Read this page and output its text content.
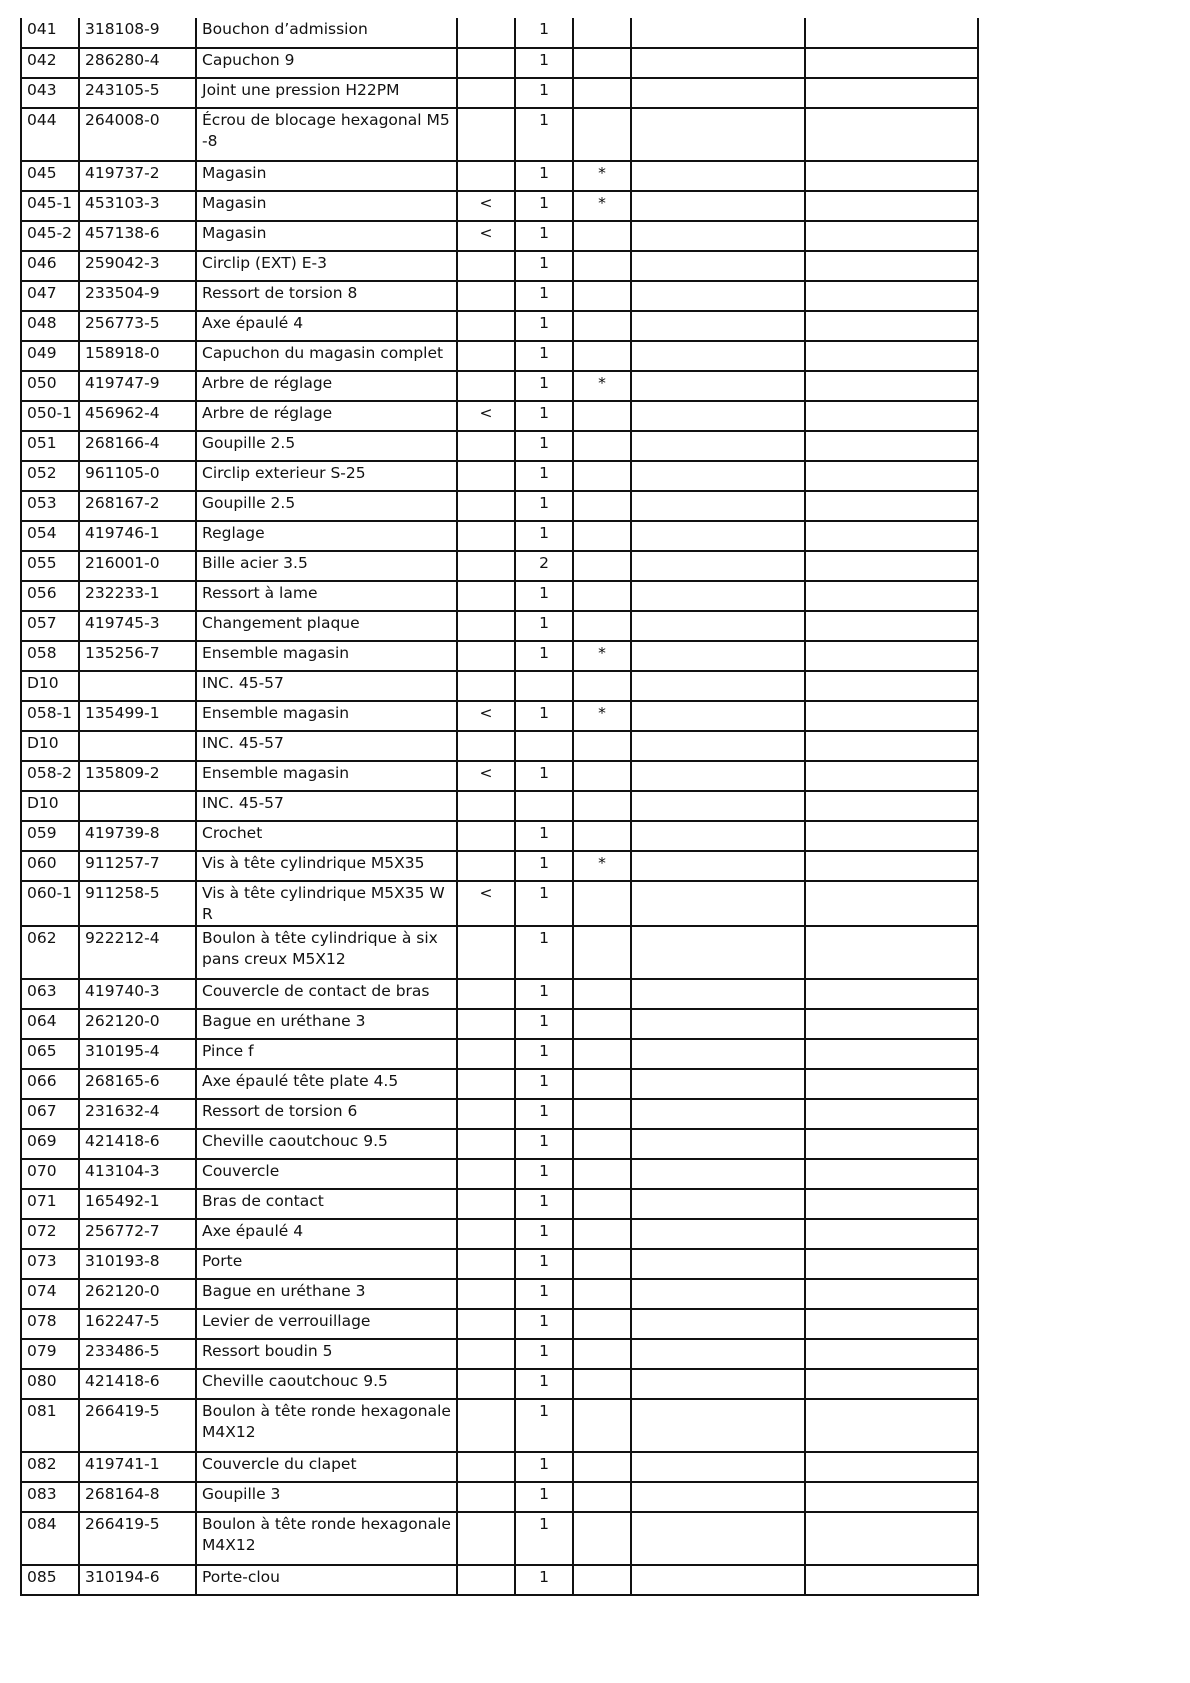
041	318108-9	Bouchon d’admission		1			
042	286280-4	Capuchon 9		1			
043	243105-5	Joint une pression H22PM		1			
044	264008-0	Écrou de blocage hexagonal M5-8		1			
045	419737-2	Magasin		1	*		
045-1	453103-3	Magasin	<	1	*		
045-2	457138-6	Magasin	<	1			
046	259042-3	Circlip (EXT) E-3		1			
047	233504-9	Ressort de torsion 8		1			
048	256773-5	Axe épaulé 4		1			
049	158918-0	Capuchon du magasin complet		1			
050	419747-9	Arbre de réglage		1	*		
050-1	456962-4	Arbre de réglage	<	1			
051	268166-4	Goupille 2.5		1			
052	961105-0	Circlip exterieur S-25		1			
053	268167-2	Goupille 2.5		1			
054	419746-1	Reglage		1			
055	216001-0	Bille acier 3.5		2			
056	232233-1	Ressort à lame		1			
057	419745-3	Changement plaque		1			
058	135256-7	Ensemble magasin		1	*		
D10		INC. 45-57					
058-1	135499-1	Ensemble magasin	<	1	*		
D10		INC. 45-57					
058-2	135809-2	Ensemble magasin	<	1			
D10		INC. 45-57					
059	419739-8	Crochet		1			
060	911257-7	Vis à tête cylindrique M5X35		1	*		
060-1	911258-5	Vis à tête cylindrique M5X35 WR	<	1			
062	922212-4	Boulon à tête cylindrique à six pans creux M5X12		1			
063	419740-3	Couvercle de contact de bras		1			
064	262120-0	Bague en uréthane 3		1			
065	310195-4	Pince f		1			
066	268165-6	Axe épaulé tête plate 4.5		1			
067	231632-4	Ressort de torsion 6		1			
069	421418-6	Cheville caoutchouc 9.5		1			
070	413104-3	Couvercle		1			
071	165492-1	Bras de contact		1			
072	256772-7	Axe épaulé 4		1			
073	310193-8	Porte		1			
074	262120-0	Bague en uréthane 3		1			
078	162247-5	Levier de verrouillage		1			
079	233486-5	Ressort boudin 5		1			
080	421418-6	Cheville caoutchouc 9.5		1			
081	266419-5	Boulon à tête ronde hexagonale M4X12		1			
082	419741-1	Couvercle du clapet		1			
083	268164-8	Goupille 3		1			
084	266419-5	Boulon à tête ronde hexagonale M4X12		1			
085	310194-6	Porte-clou		1			
